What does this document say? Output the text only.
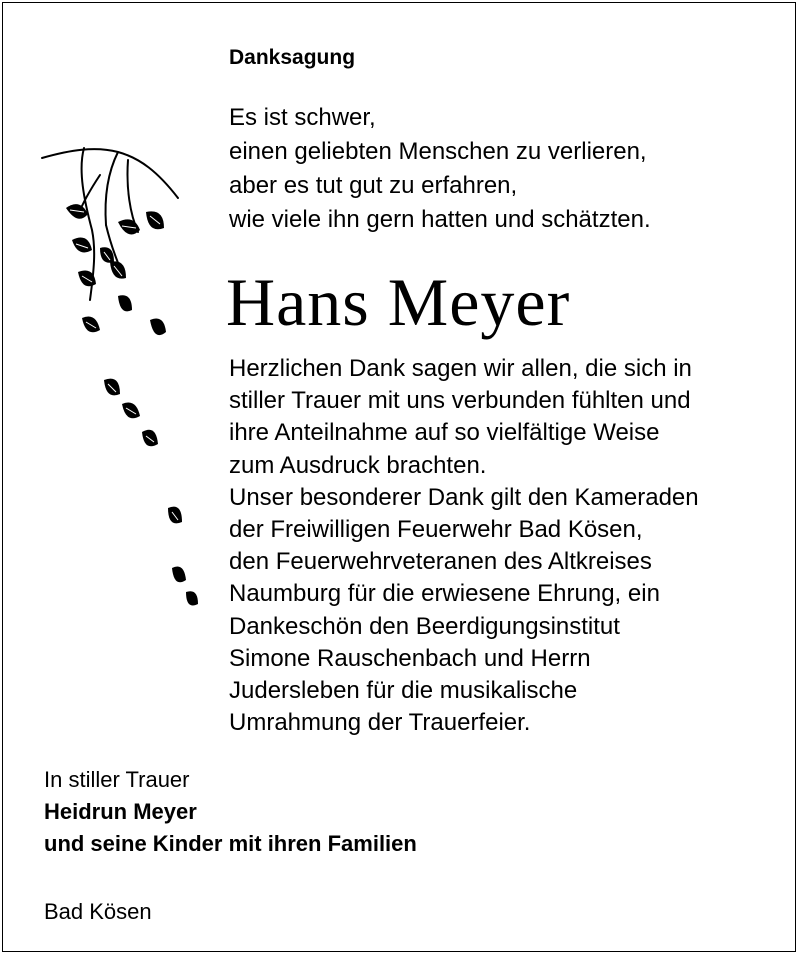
Danksagung
Es ist schwer,
einen geliebten Menschen zu verlieren,
aber es tut gut zu erfahren,
wie viele ihn gern hatten und schätzten.
Hans Meyer
Herzlichen Dank sagen wir allen, die sich in
stiller Trauer mit uns verbunden fühlten und
ihre Anteilnahme auf so vielfältige Weise
zum Ausdruck brachten.
Unser besonderer Dank gilt den Kameraden
der Freiwilligen Feuerwehr Bad Kösen,
den Feuerwehrveteranen des Altkreises
Naumburg für die erwiesene Ehrung, ein
Dankeschön den Beerdigungsinstitut
Simone Rauschenbach und Herrn
Judersleben für die musikalische
Umrahmung der Trauerfeier.
In stiller Trauer
Heidrun Meyer
und seine Kinder mit ihren Familien
Bad Kösen
